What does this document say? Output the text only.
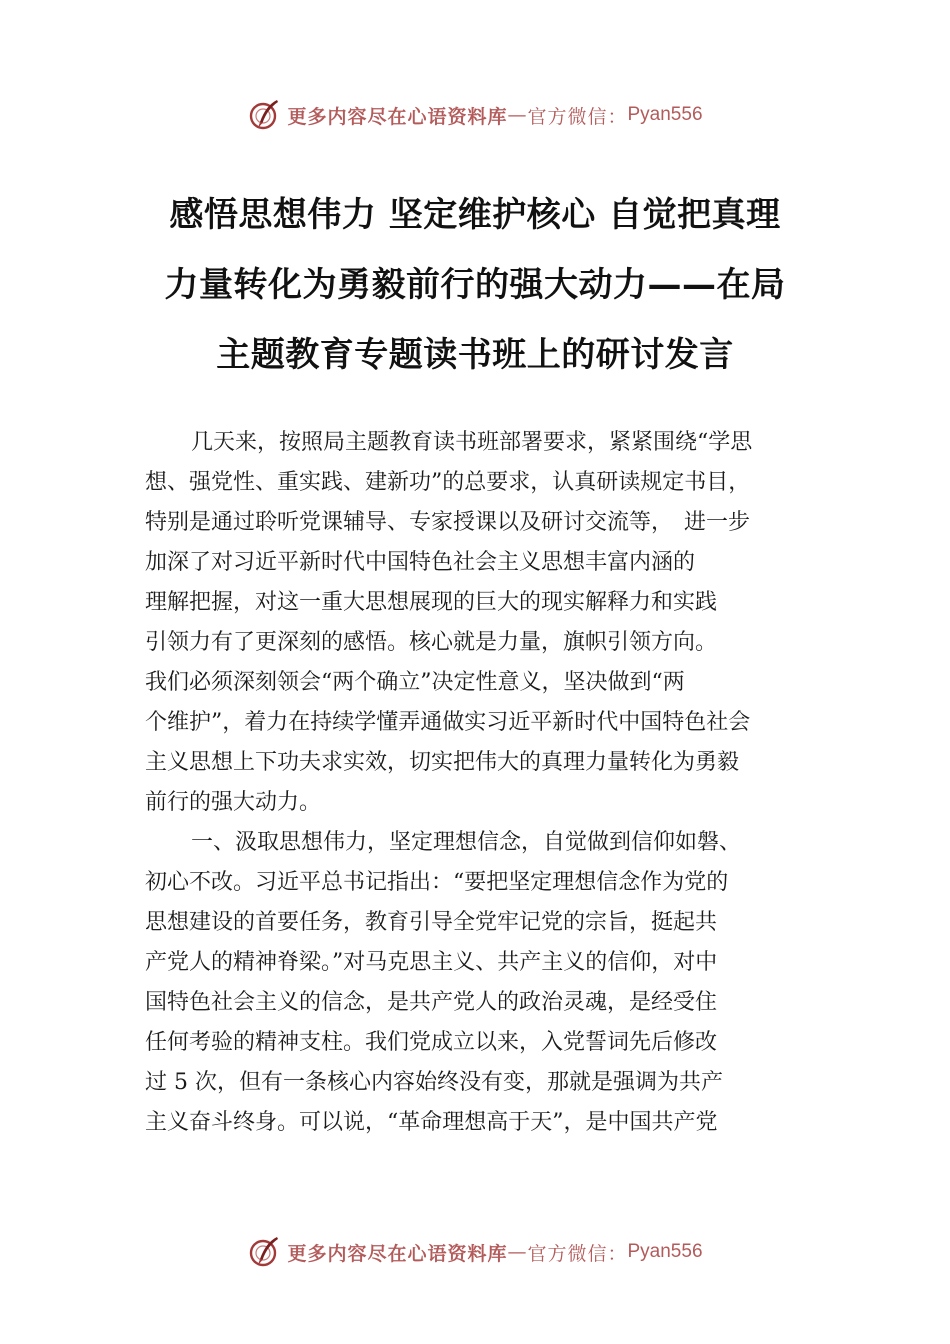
更多内容尽在心语资料库 — 官方微信： Pyan556
感悟思想伟力 坚定维护核心 自觉把真理
力量转化为勇毅前行的强大动力——在局
主题教育专题读书班上的研讨发言

几天来，按照局主题教育读书班部署要求，紧紧围绕“学思
想、强党性、重实践、建新功”的总要求，认真研读规定书目，
特别是通过聆听党课辅导、专家授课以及研讨交流等，　进一步
加深了对习近平新时代中国特色社会主义思想丰富内涵的
理解把握，对这一重大思想展现的巨大的现实解释力和实践
引领力有了更深刻的感悟。核心就是力量，旗帜引领方向。
我们必须深刻领会“两个确立”决定性意义，坚决做到“两
个维护”，着力在持续学懂弄通做实习近平新时代中国特色社会
主义思想上下功夫求实效，切实把伟大的真理力量转化为勇毅
前行的强大动力。

一、汲取思想伟力，坚定理想信念，自觉做到信仰如磐、
初心不改。习近平总书记指出：“要把坚定理想信念作为党的
思想建设的首要任务，教育引导全党牢记党的宗旨，挺起共
产党人的精神脊梁。”对马克思主义、共产主义的信仰，对中
国特色社会主义的信念，是共产党人的政治灵魂，是经受住
任何考验的精神支柱。我们党成立以来，入党誓词先后修改
过 5 次，但有一条核心内容始终没有变，那就是强调为共产
主义奋斗终身。可以说，“革命理想高于天”，是中国共产党

更多内容尽在心语资料库 — 官方微信： Pyan556
